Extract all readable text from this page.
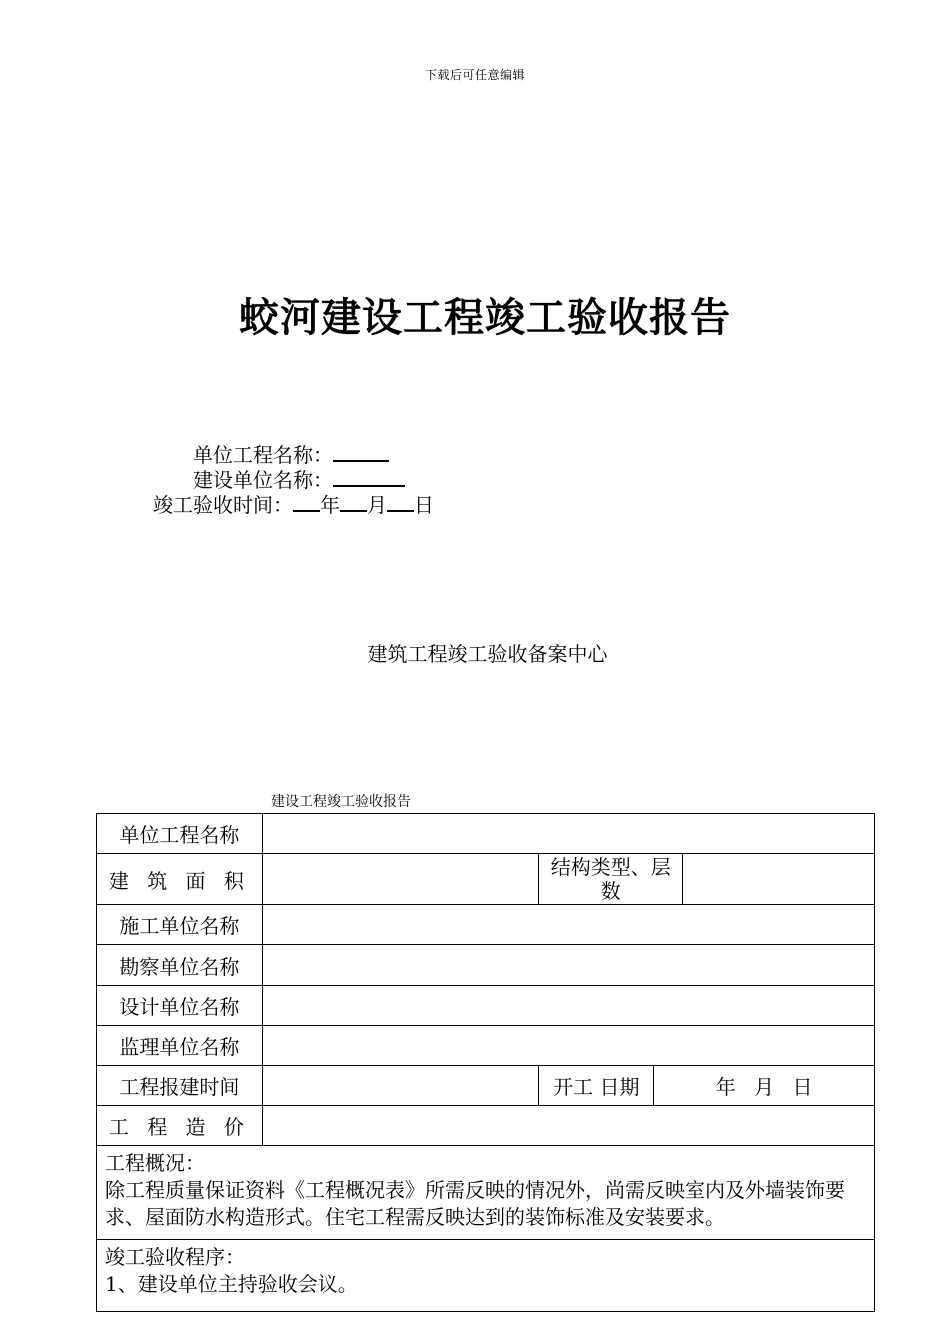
下载后可任意编辑
蛟河建设工程竣工验收报告
单位工程名称：
建设单位名称：
竣工验收时间： 年 月 日
建筑工程竣工验收备案中心
建设工程竣工验收报告
单位工程名称				
建 筑 面 积		结构类型、层数		
施工单位名称				
勘察单位名称				
设计单位名称				
监理单位名称				
工程报建时间		开工 日期	年 月 日	
工 程 造 价				

工程概况：
除工程质量保证资料《工程概况表》所需反映的情况外，尚需反映室内及外墙装饰要求、屋面防水构造形式。住宅工程需反映达到的装饰标准及安装要求。				

竣工验收程序：
1、建设单位主持验收会议。				
